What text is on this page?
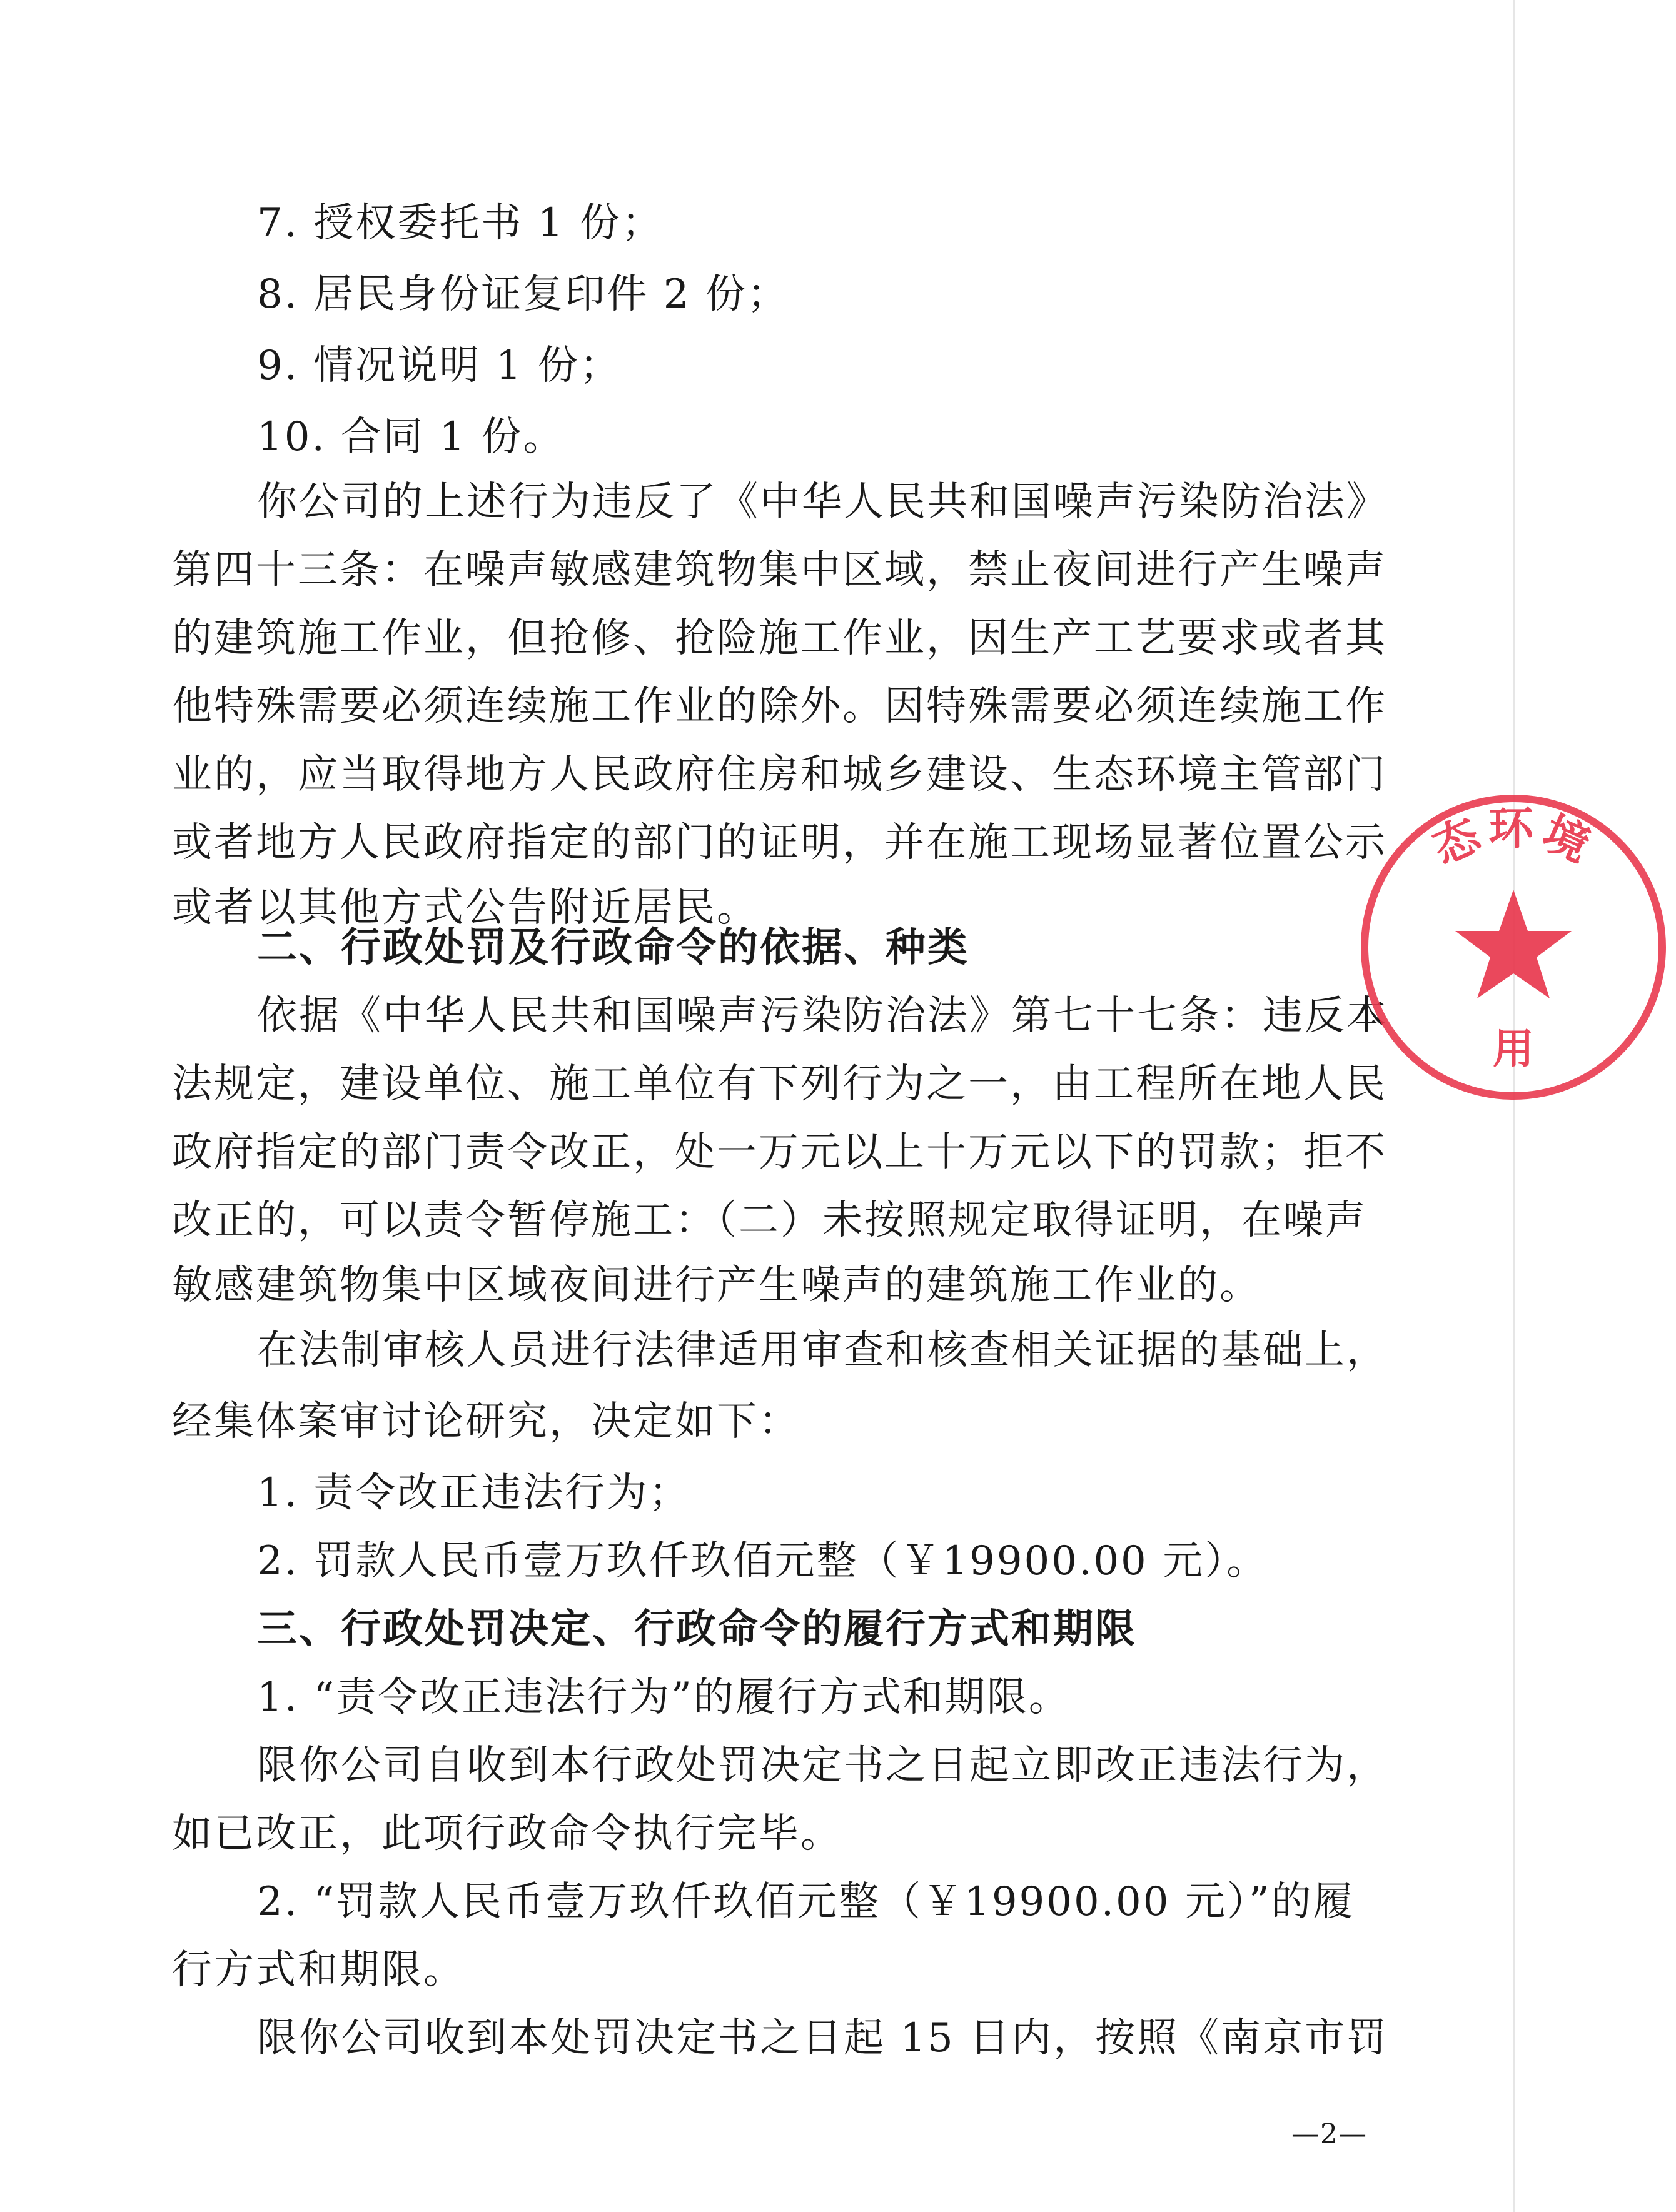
7. 授权委托书 1 份；
8. 居民身份证复印件 2 份；
9. 情况说明 1 份；
10. 合同 1 份。
你公司的上述行为违反了《中华人民共和国噪声污染防治法》
第四十三条：在噪声敏感建筑物集中区域，禁止夜间进行产生噪声
的建筑施工作业，但抢修、抢险施工作业，因生产工艺要求或者其
他特殊需要必须连续施工作业的除外。因特殊需要必须连续施工作
业的，应当取得地方人民政府住房和城乡建设、生态环境主管部门
或者地方人民政府指定的部门的证明，并在施工现场显著位置公示
或者以其他方式公告附近居民。
二、行政处罚及行政命令的依据、种类
依据《中华人民共和国噪声污染防治法》第七十七条：违反本
法规定，建设单位、施工单位有下列行为之一，由工程所在地人民
政府指定的部门责令改正，处一万元以上十万元以下的罚款；拒不
改正的，可以责令暂停施工：（二）未按照规定取得证明，在噪声
敏感建筑物集中区域夜间进行产生噪声的建筑施工作业的。
在法制审核人员进行法律适用审查和核查相关证据的基础上，
经集体案审讨论研究，决定如下：
1. 责令改正违法行为；
2. 罚款人民币壹万玖仟玖佰元整（￥19900.00 元）。
三、行政处罚决定、行政命令的履行方式和期限
1. “责令改正违法行为”的履行方式和期限。
限你公司自收到本行政处罚决定书之日起立即改正违法行为，
如已改正，此项行政命令执行完毕。
2. “罚款人民币壹万玖仟玖佰元整（￥19900.00 元）”的履
行方式和期限。
限你公司收到本处罚决定书之日起 15 日内，按照《南京市罚
—2—
态环境
用
